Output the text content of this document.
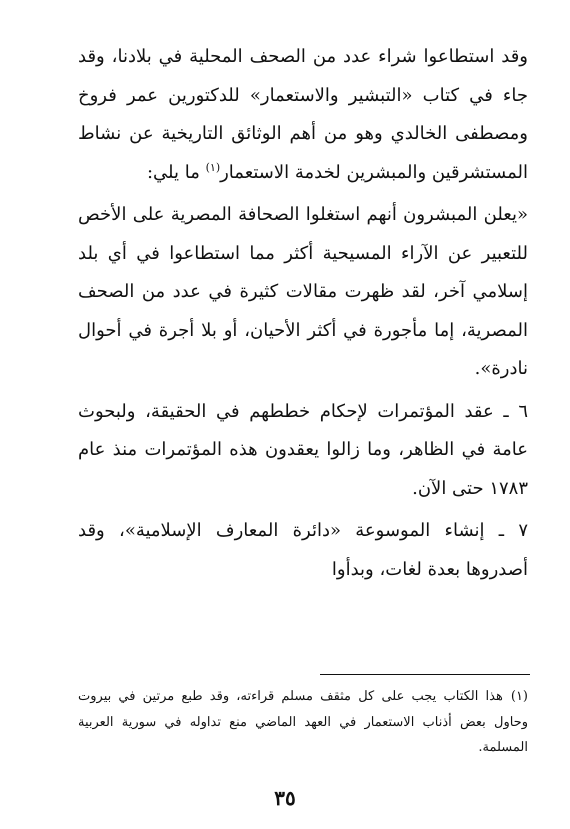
وقد استطاعوا شراء عدد من الصحف المحلية في بلادنا، وقد جاء في كتاب «التبشير والاستعمار» للدكتورين عمر فروخ ومصطفى الخالدي وهو من أهم الوثائق التاريخية عن نشاط المستشرقين والمبشرين لخدمة الاستعمار$^{(١)}$ ما يلي:

«يعلن المبشرون أنهم استغلوا الصحافة المصرية على الأخص للتعبير عن الآراء المسيحية أكثر مما استطاعوا في أي بلد إسلامي آخر، لقد ظهرت مقالات كثيرة في عدد من الصحف المصرية، إما مأجورة في أكثر الأحيان، أو بلا أجرة في أحوال نادرة».

٦ ـ عقد المؤتمرات لإحكام خططهم في الحقيقة، ولبحوث عامة في الظاهر، وما زالوا يعقدون هذه المؤتمرات منذ عام ١٧٨٣ حتى الآن.

٧ ـ إنشاء الموسوعة «دائرة المعارف الإسلامية»، وقد أصدروها بعدة لغات، وبدأوا

(١)هذا الكتاب يجب على كل مثقف مسلم قراءته، وقد طبع مرتين في بيروت وحاول بعض أذناب الاستعمار في العهد الماضي منع تداوله في سورية العربية المسلمة.

٣٥
